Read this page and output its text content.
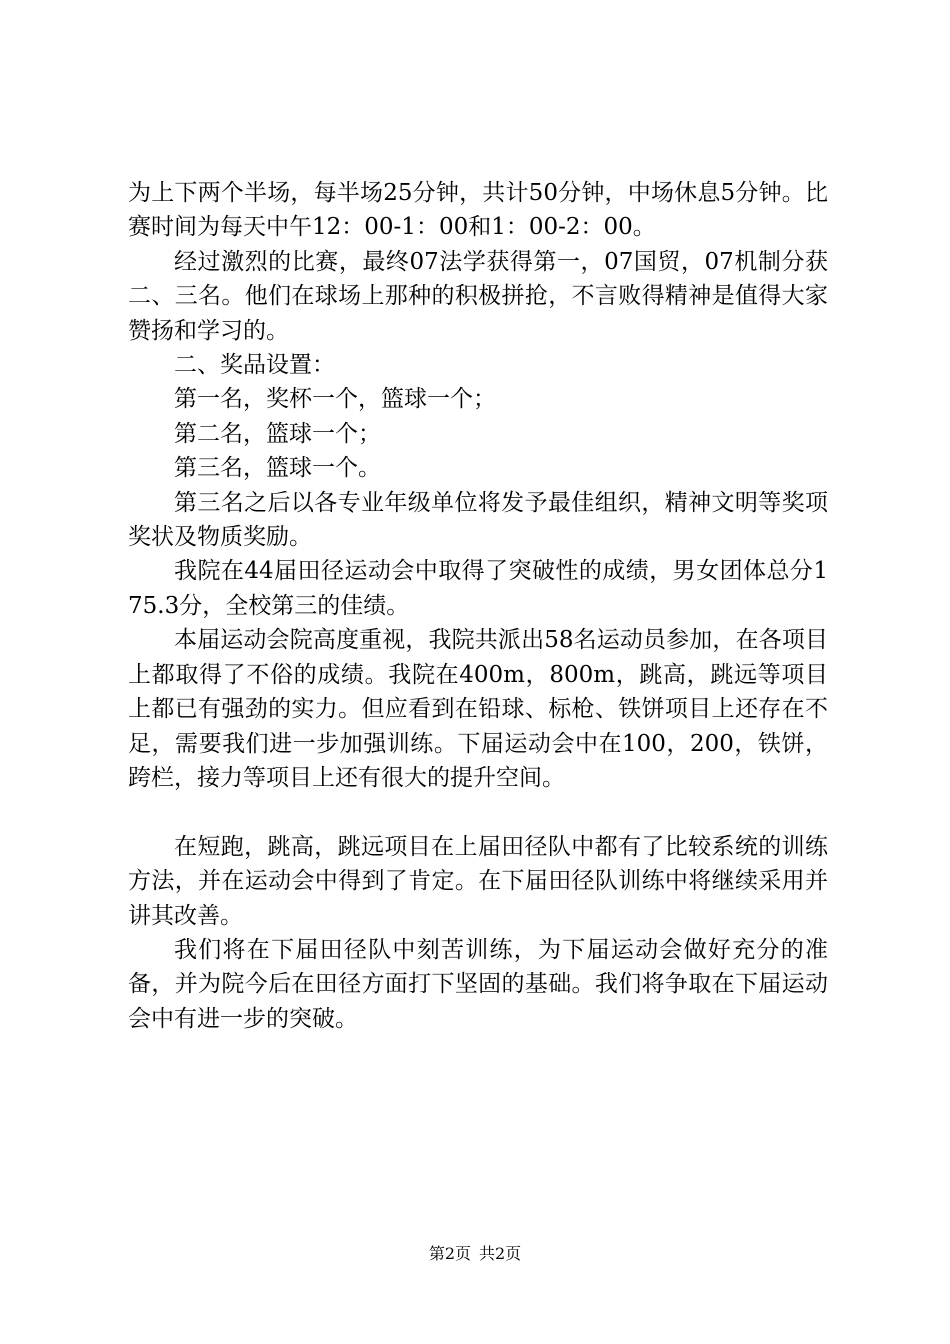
为上下两个半场，每半场25分钟，共计50分钟，中场休息5分钟。比赛时间为每天中午12：00-1：00和1：00-2：00。

经过激烈的比赛，最终07法学获得第一，07国贸，07机制分获二、三名。他们在球场上那种的积极拼抢，不言败得精神是值得大家赞扬和学习的。

二、奖品设置：

第一名，奖杯一个，篮球一个；

第二名，篮球一个；

第三名，篮球一个。

第三名之后以各专业年级单位将发予最佳组织，精神文明等奖项奖状及物质奖励。

我院在44届田径运动会中取得了突破性的成绩，男女团体总分175.3分，全校第三的佳绩。

本届运动会院高度重视，我院共派出58名运动员参加，在各项目上都取得了不俗的成绩。我院在400m，800m，跳高，跳远等项目上都已有强劲的实力。但应看到在铅球、标枪、铁饼项目上还存在不足，需要我们进一步加强训练。下届运动会中在100，200，铁饼，跨栏，接力等项目上还有很大的提升空间。

在短跑，跳高，跳远项目在上届田径队中都有了比较系统的训练方法，并在运动会中得到了肯定。在下届田径队训练中将继续采用并讲其改善。

我们将在下届田径队中刻苦训练，为下届运动会做好充分的准备，并为院今后在田径方面打下坚固的基础。我们将争取在下届运动会中有进一步的突破。

第2页 共2页
